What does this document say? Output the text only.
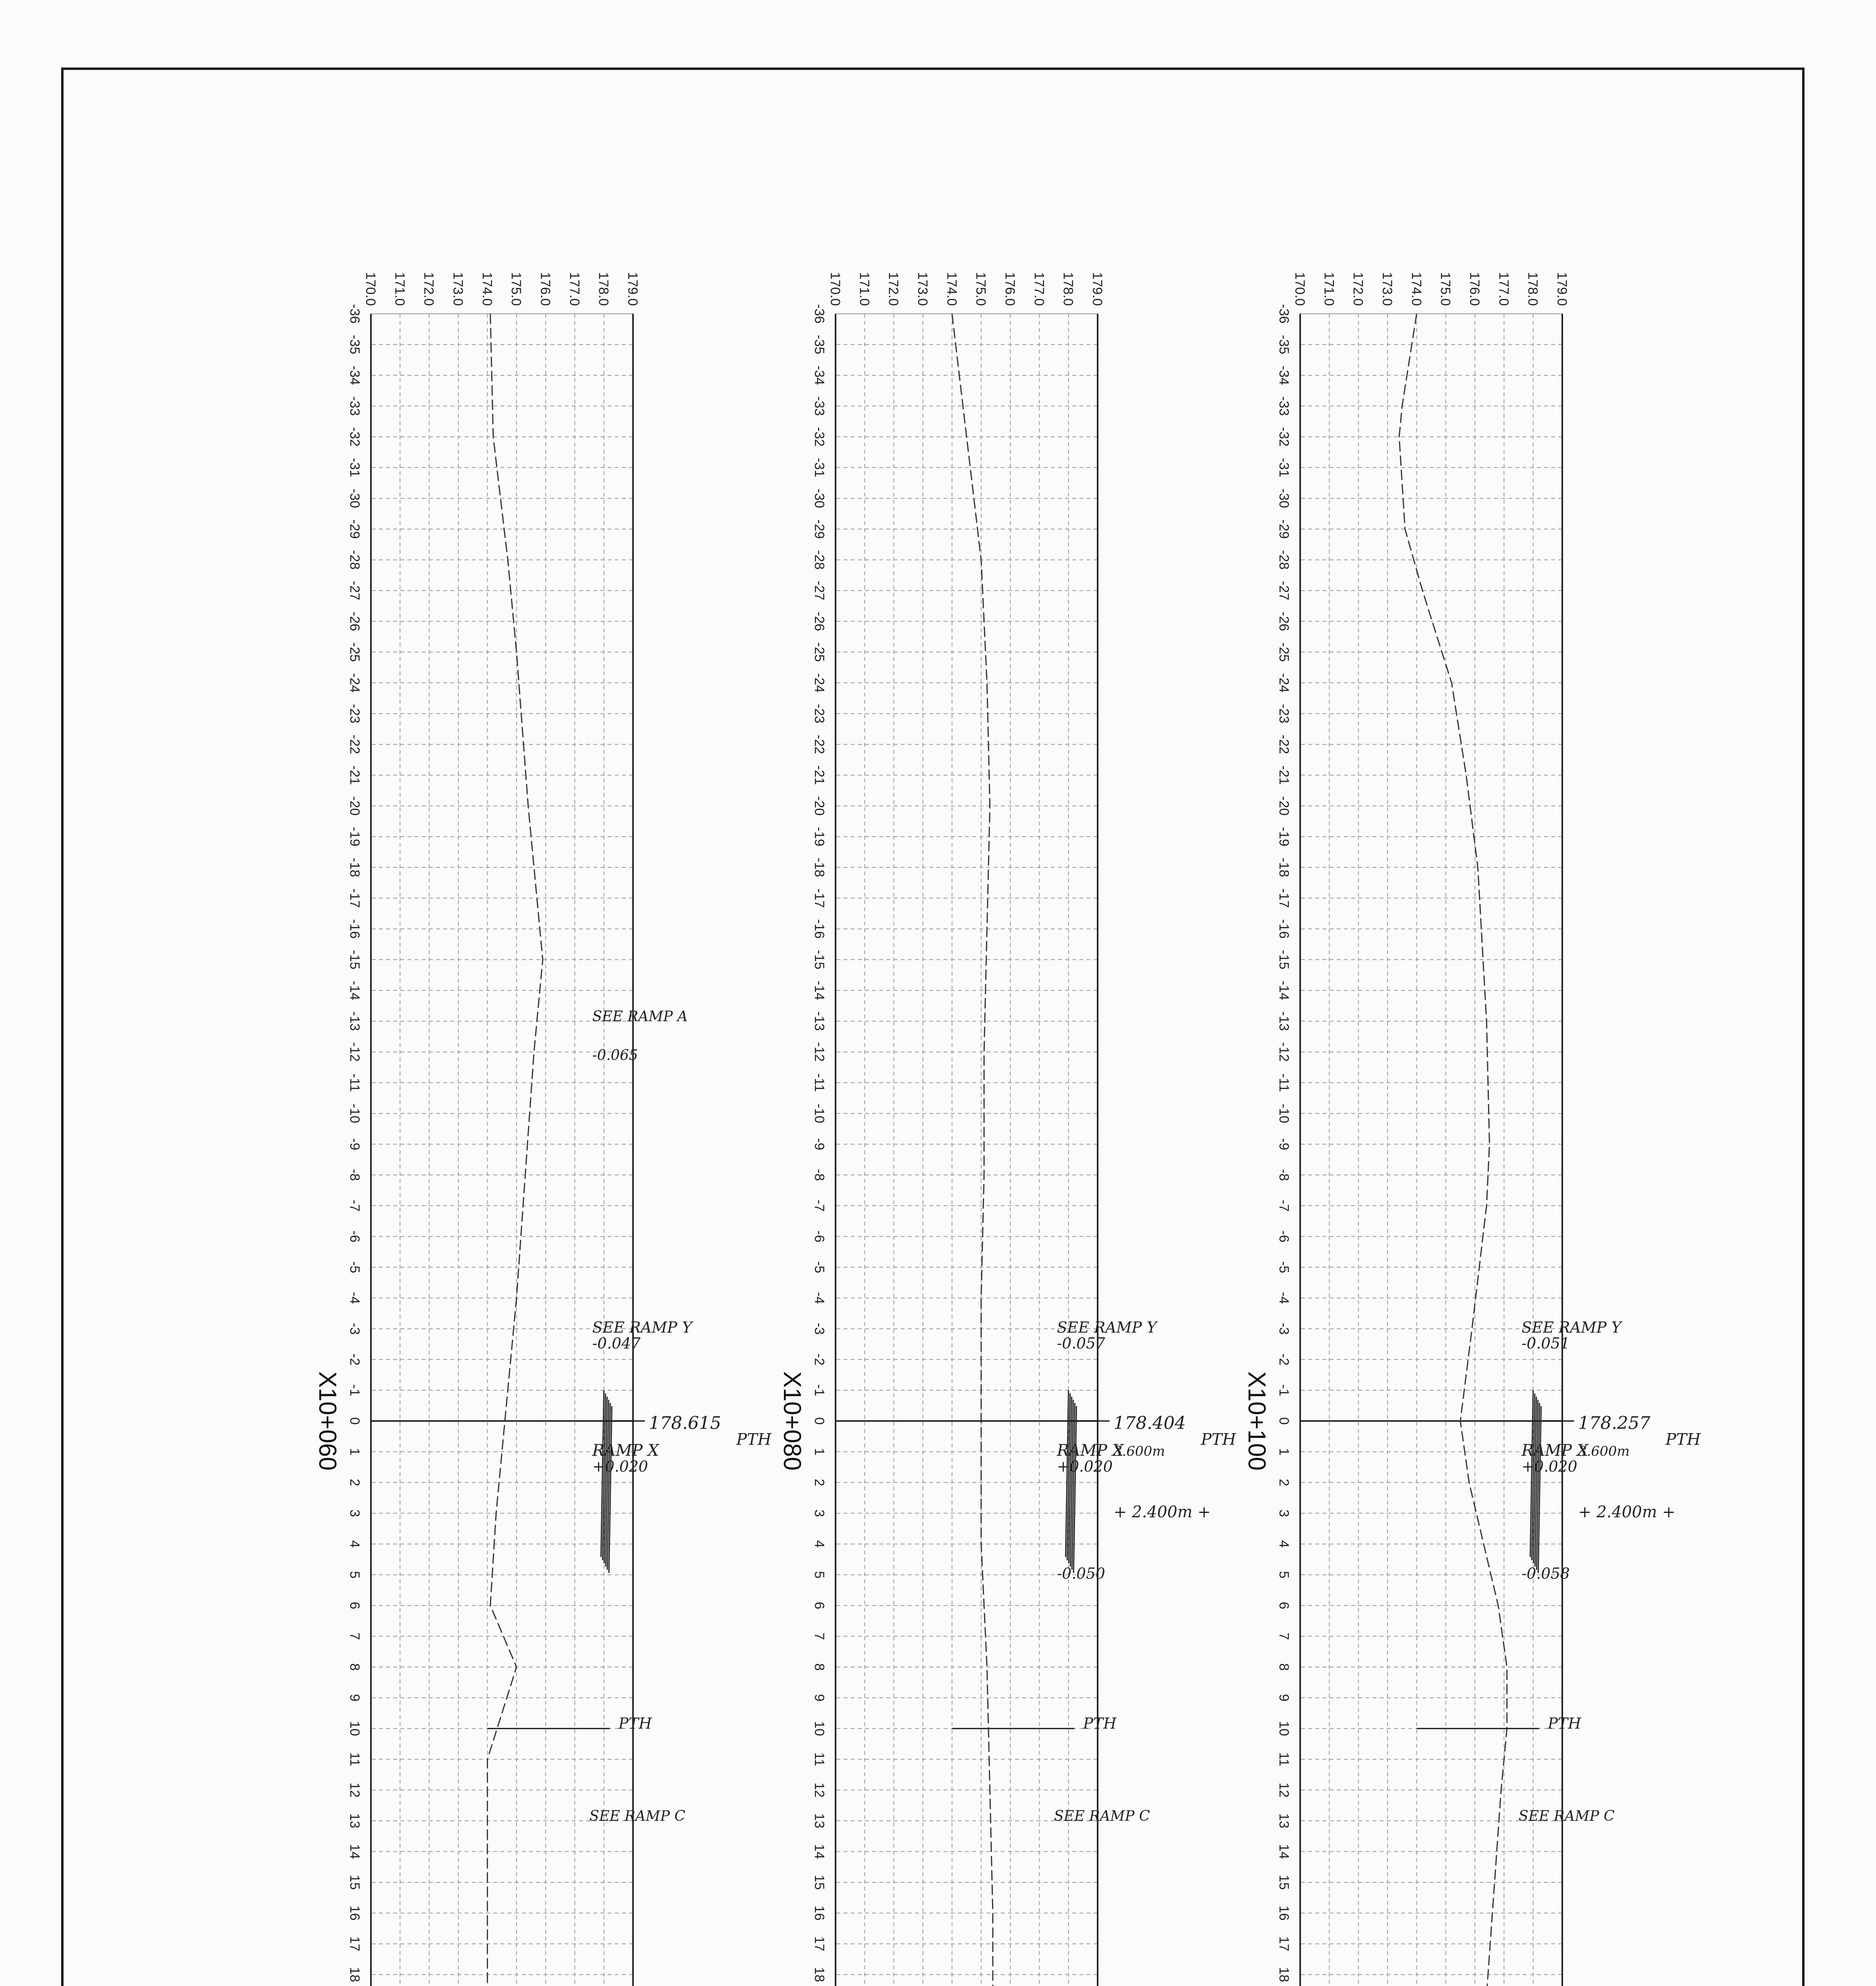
-36
-35
-34
-33
-32
-31
-30
-29
-28
-27
-26
-25
-24
-23
-22
-21
-20
-19
-18
-17
-16
-15
-14
-13
-12
-11
-10
-9
-8
-7
-6
-5
-4
-3
-2
-1
0
1
2
3
4
5
6
7
8
9
10
11
12
13
14
15
16
17
18
170.0 171.0 172.0 173.0 174.0 175.0 176.0 177.0 178.0 179.0
X10+100	178.257
PTH
SEE RAMP Y
-0.051
RAMP X
+0.020
-0.058
3.600m
+ 2.400m +
PTH
SEE RAMP C
-36
-35
-34
-33
-32
-31
-30
-29
-28
-27
-26
-25
-24
-23
-22
-21
-20
-19
-18
-17
-16
-15
-14
-13
-12
-11
-10
-9
-8
-7
-6
-5
-4
-3
-2
-1
0
1
2
3
4
5
6
7
8
9
10
11
12
13
14
15
16
17
18
170.0 171.0 172.0 173.0 174.0 175.0 176.0 177.0 178.0 179.0
X10+080	178.404
PTH
SEE RAMP Y
-0.057
RAMP X
+0.020
-0.050
3.600m
+ 2.400m +
PTH
SEE RAMP C
-36
-35
-34
-33
-32
-31
-30
-29
-28
-27
-26
-25
-24
-23
-22
-21
-20
-19
-18
-17
-16
-15
-14
-13
-12
-11
-10
-9
-8
-7
-6
-5
-4
-3
-2
-1
0
1
2
3
4
5
6
7
8
9
10
11
12
13
14
15
16
17
18
170.0 171.0 172.0 173.0 174.0 175.0 176.0 177.0 178.0 179.0
X10+060	178.615
PTH
SEE RAMP Y
-0.047
RAMP X
+0.020
PTH
SEE RAMP C
SEE RAMP A
-0.065
